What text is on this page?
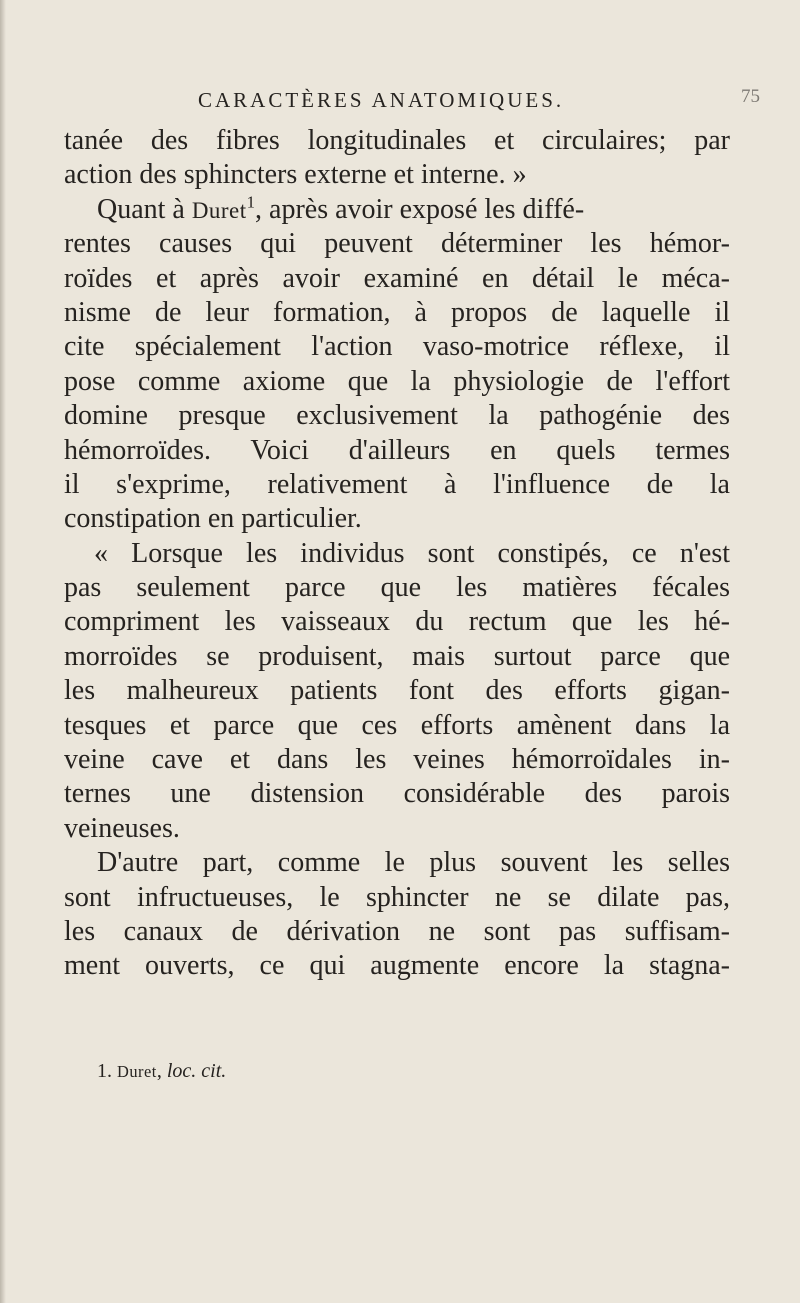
CARACTÈRES ANATOMIQUES.	75
tanée des fibres longitudinales et circulaires; par
action des sphincters externe et interne. »
Quant à Duret$^1$, après avoir exposé les diffé-
rentes causes qui peuvent déterminer les hémor-
roïdes et après avoir examiné en détail le méca-
nisme de leur formation, à propos de laquelle il
cite spécialement l'action vaso-motrice réflexe, il
pose comme axiome que la physiologie de l'effort
domine presque exclusivement la pathogénie des
hémorroïdes. Voici d'ailleurs en quels termes
il s'exprime, relativement à l'influence de la
constipation en particulier.
« Lorsque les individus sont constipés, ce n'est
pas seulement parce que les matières fécales
compriment les vaisseaux du rectum que les hé-
morroïdes se produisent, mais surtout parce que
les malheureux patients font des efforts gigan-
tesques et parce que ces efforts amènent dans la
veine cave et dans les veines hémorroïdales in-
ternes une distension considérable des parois
veineuses.
D'autre part, comme le plus souvent les selles
sont infructueuses, le sphincter ne se dilate pas,
les canaux de dérivation ne sont pas suffisam-
ment ouverts, ce qui augmente encore la stagna-
1. Duret, loc. cit.
